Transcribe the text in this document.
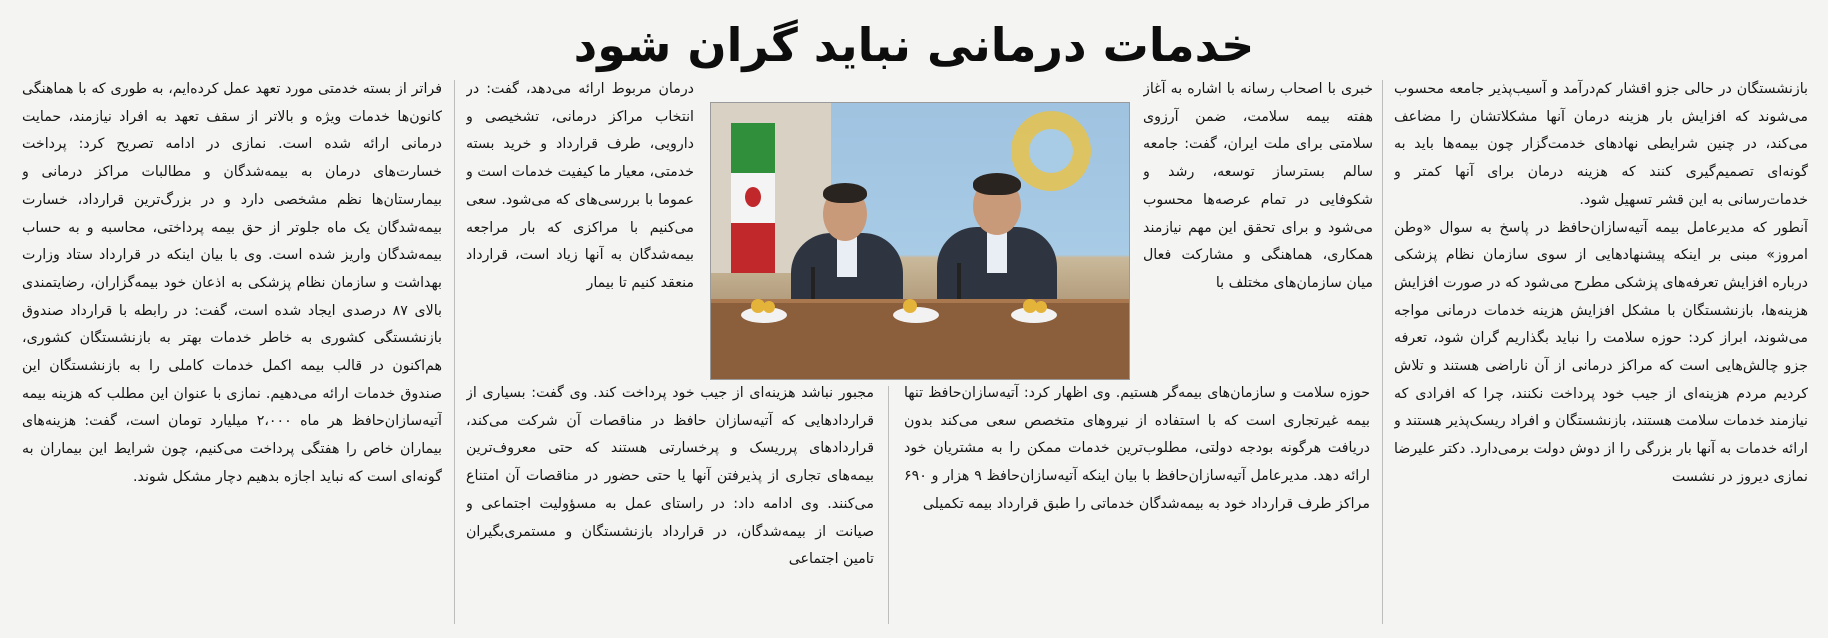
خدمات درمانی نباید گران شود

بازنشستگان در حالی جزو اقشار کم‌درآمد و آسیب‌پذیر جامعه محسوب می‌شوند که افزایش بار هزینه درمان آنها مشکلاتشان را مضاعف می‌کند، در چنین شرایطی نهادهای خدمت‌گزار چون بیمه‌ها باید به گونه‌ای تصمیم‌گیری کنند که هزینه درمان برای آنها کمتر و خدمات‌رسانی به این قشر تسهیل شود.

آنطور که مدیرعامل بیمه آتیه‌سازان‌حافظ در پاسخ به سوال «وطن امروز» مبنی بر اینکه پیشنهادهایی از سوی سازمان نظام پزشکی درباره افزایش تعرفه‌های پزشکی مطرح می‌شود که در صورت افزایش هزینه‌ها، بازنشستگان با مشکل افزایش هزینه خدمات درمانی مواجه می‌شوند، ابراز کرد: حوزه سلامت را نباید بگذاریم گران شود، تعرفه جزو چالش‌هایی است که مراکز درمانی از آن ناراضی هستند و تلاش کردیم مردم هزینه‌ای از جیب خود پرداخت نکنند، چرا که افرادی که نیازمند خدمات سلامت هستند، بازنشستگان و افراد ریسک‌پذیر هستند و ارائه خدمات به آنها بار بزرگی را از دوش دولت برمی‌دارد. دکتر علیرضا نمازی دیروز در نشست

خبری با اصحاب رسانه با اشاره به آغاز هفته بیمه سلامت، ضمن آرزوی سلامتی برای ملت ایران، گفت: جامعه سالم بسترساز توسعه، رشد و شکوفایی در تمام عرصه‌ها محسوب می‌شود و برای تحقق این مهم نیازمند همکاری، هماهنگی و مشارکت فعال میان سازمان‌های مختلف با
درمان مربوط ارائه می‌دهد، گفت: در انتخاب مراکز درمانی، تشخیصی و دارویی، طرف قرارداد و خرید بسته خدمتی، معیار ما کیفیت خدمات است و عموما با بررسی‌های که می‌شود. سعی می‌کنیم با مراکزی که بار مراجعه بیمه‌شدگان به آنها زیاد است، قرارداد منعقد کنیم تا بیمار
حوزه سلامت و سازمان‌های بیمه‌گر هستیم. وی اظهار کرد: آتیه‌سازان‌حافظ تنها بیمه غیرتجاری است که با استفاده از نیروهای متخصص سعی می‌کند بدون دریافت هرگونه بودجه دولتی، مطلوب‌ترین خدمات ممکن را به مشتریان خود ارائه دهد. مدیرعامل آتیه‌سازان‌حافظ با بیان اینکه آتیه‌سازان‌حافظ ۹ هزار و ۶۹۰ مراکز طرف قرارداد خود به بیمه‌شدگان خدماتی را طبق قرارداد بیمه تکمیلی
مجبور نباشد هزینه‌ای از جیب خود پرداخت کند. وی گفت: بسیاری از قراردادهایی که آتیه‌سازان حافظ در مناقصات آن شرکت می‌کند، قراردادهای پرریسک و پرخسارتی هستند که حتی معروف‌ترین بیمه‌های تجاری از پذیرفتن آنها یا حتی حضور در مناقصات آن امتناع می‌کنند. وی ادامه داد: در راستای عمل به مسؤولیت اجتماعی و صیانت از بیمه‌شدگان، در قرارداد بازنشستگان و مستمری‌بگیران تامین اجتماعی
فراتر از بسته خدمتی مورد تعهد عمل کرده‌ایم، به طوری که با هماهنگی کانون‌ها خدمات ویژه و بالاتر از سقف تعهد به افراد نیازمند، حمایت درمانی ارائه شده است. نمازی در ادامه تصریح کرد: پرداخت خسارت‌های درمان به بیمه‌شدگان و مطالبات مراکز درمانی و بیمارستان‌ها نظم مشخصی دارد و در بزرگ‌ترین قرارداد، خسارت بیمه‌شدگان یک ماه جلوتر از حق بیمه پرداختی، محاسبه و به حساب بیمه‌شدگان واریز شده است. وی با بیان اینکه در قرارداد ستاد وزارت بهداشت و سازمان نظام پزشکی به اذعان خود بیمه‌گزاران، رضایتمندی بالای ۸۷ درصدی ایجاد شده است، گفت: در رابطه با قرارداد صندوق بازنشستگی کشوری به خاطر خدمات بهتر به بازنشستگان کشوری، هم‌اکنون در قالب بیمه اکمل خدمات کاملی را به بازنشستگان این صندوق خدمات ارائه می‌دهیم. نمازی با عنوان این مطلب که هزینه بیمه آتیه‌سازان‌حافظ هر ماه ۲،۰۰۰ میلیارد تومان است، گفت: هزینه‌های بیماران خاص را هفتگی پرداخت می‌کنیم، چون شرایط این بیماران به گونه‌ای است که نباید اجازه بدهیم دچار مشکل شوند.
